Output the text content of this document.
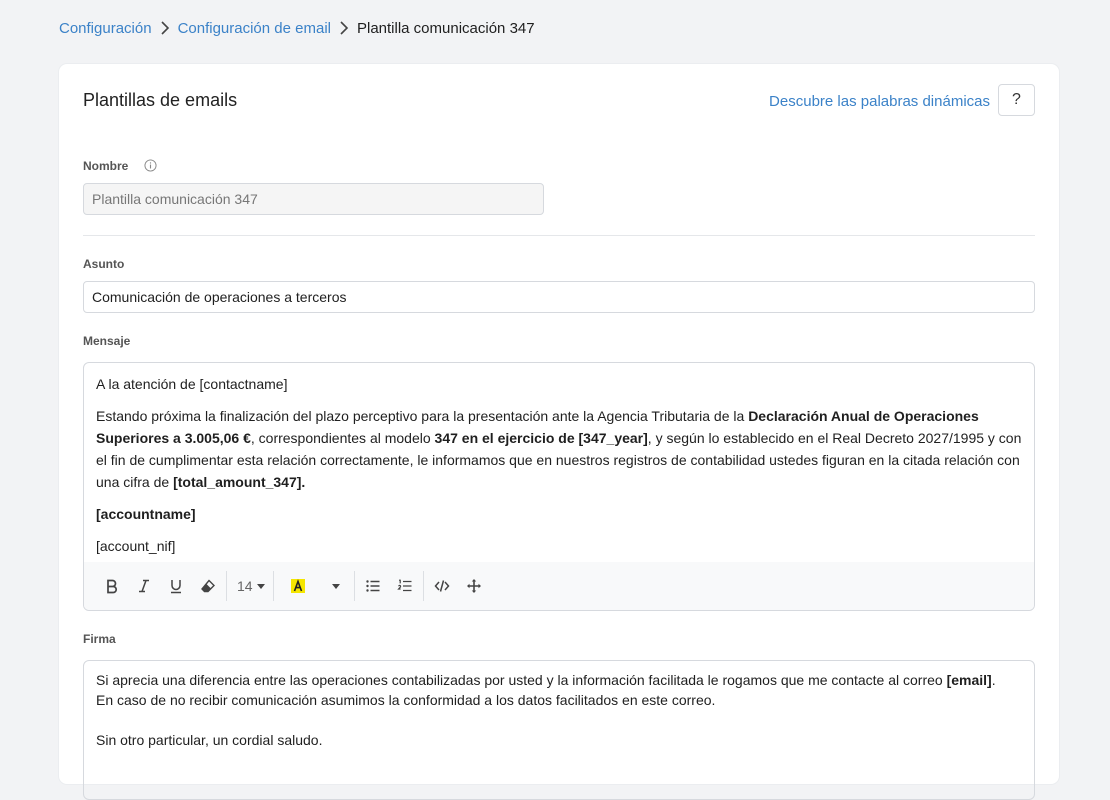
Configuración Configuración de email Plantilla comunicación 347
Plantillas de emails	Descubre las palabras dinámicas	?
Nombre
Plantilla comunicación 347
Asunto
Comunicación de operaciones a terceros
Mensaje

A la atención de [contactname]

Estando próxima la finalización del plazo perceptivo para la presentación ante la Agencia Tributaria de la Declaración Anual de Operaciones Superiores a 3.005,06 €, correspondientes al modelo 347 en el ejercicio de [347_year], y según lo establecido en el Real Decreto 2027/1995 y con el fin de cumplimentar esta relación correctamente, le informamos que en nuestros registros de contabilidad ustedes figuran en la citada relación con una cifra de [total_amount_347].

[accountname]

[account_nif]

14
Firma

Si aprecia una diferencia entre las operaciones contabilizadas por usted y la información facilitada le rogamos que me contacte al correo [email].

En caso de no recibir comunicación asumimos la conformidad a los datos facilitados en este correo.

Sin otro particular, un cordial saludo.
